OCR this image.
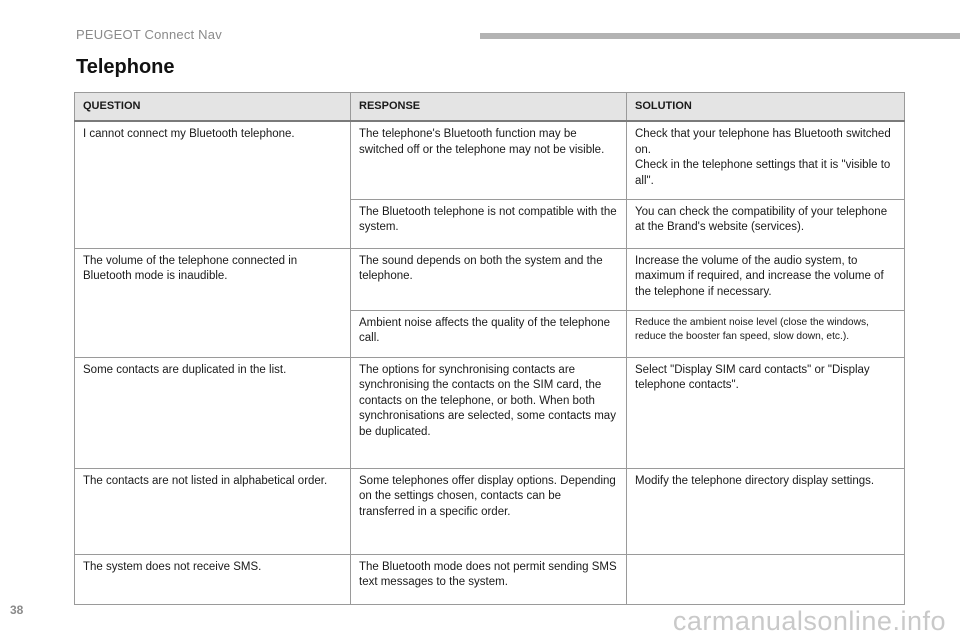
PEUGEOT Connect Nav
Telephone
QUESTION	RESPONSE	SOLUTION
I cannot connect my Bluetooth telephone.	The telephone's Bluetooth function may be switched off or the telephone may not be visible.	Check that your telephone has Bluetooth switched on.
Check in the telephone settings that it is "visible to all".
	The Bluetooth telephone is not compatible with the system.	You can check the compatibility of your telephone at the Brand's website (services).
The volume of the telephone connected in Bluetooth mode is inaudible.	The sound depends on both the system and the telephone.	Increase the volume of the audio system, to maximum if required, and increase the volume of the telephone if necessary.
	Ambient noise affects the quality of the telephone call.	Reduce the ambient noise level (close the windows, reduce the booster fan speed, slow down, etc.).
Some contacts are duplicated in the list.	The options for synchronising contacts are synchronising the contacts on the SIM card, the contacts on the telephone, or both. When both synchronisations are selected, some contacts may be duplicated.	Select "Display SIM card contacts" or "Display telephone contacts".
The contacts are not listed in alphabetical order.	Some telephones offer display options. Depending on the settings chosen, contacts can be transferred in a specific order.	Modify the telephone directory display settings.
The system does not receive SMS.	The Bluetooth mode does not permit sending SMS text messages to the system.	
38	carmanualsonline.info
